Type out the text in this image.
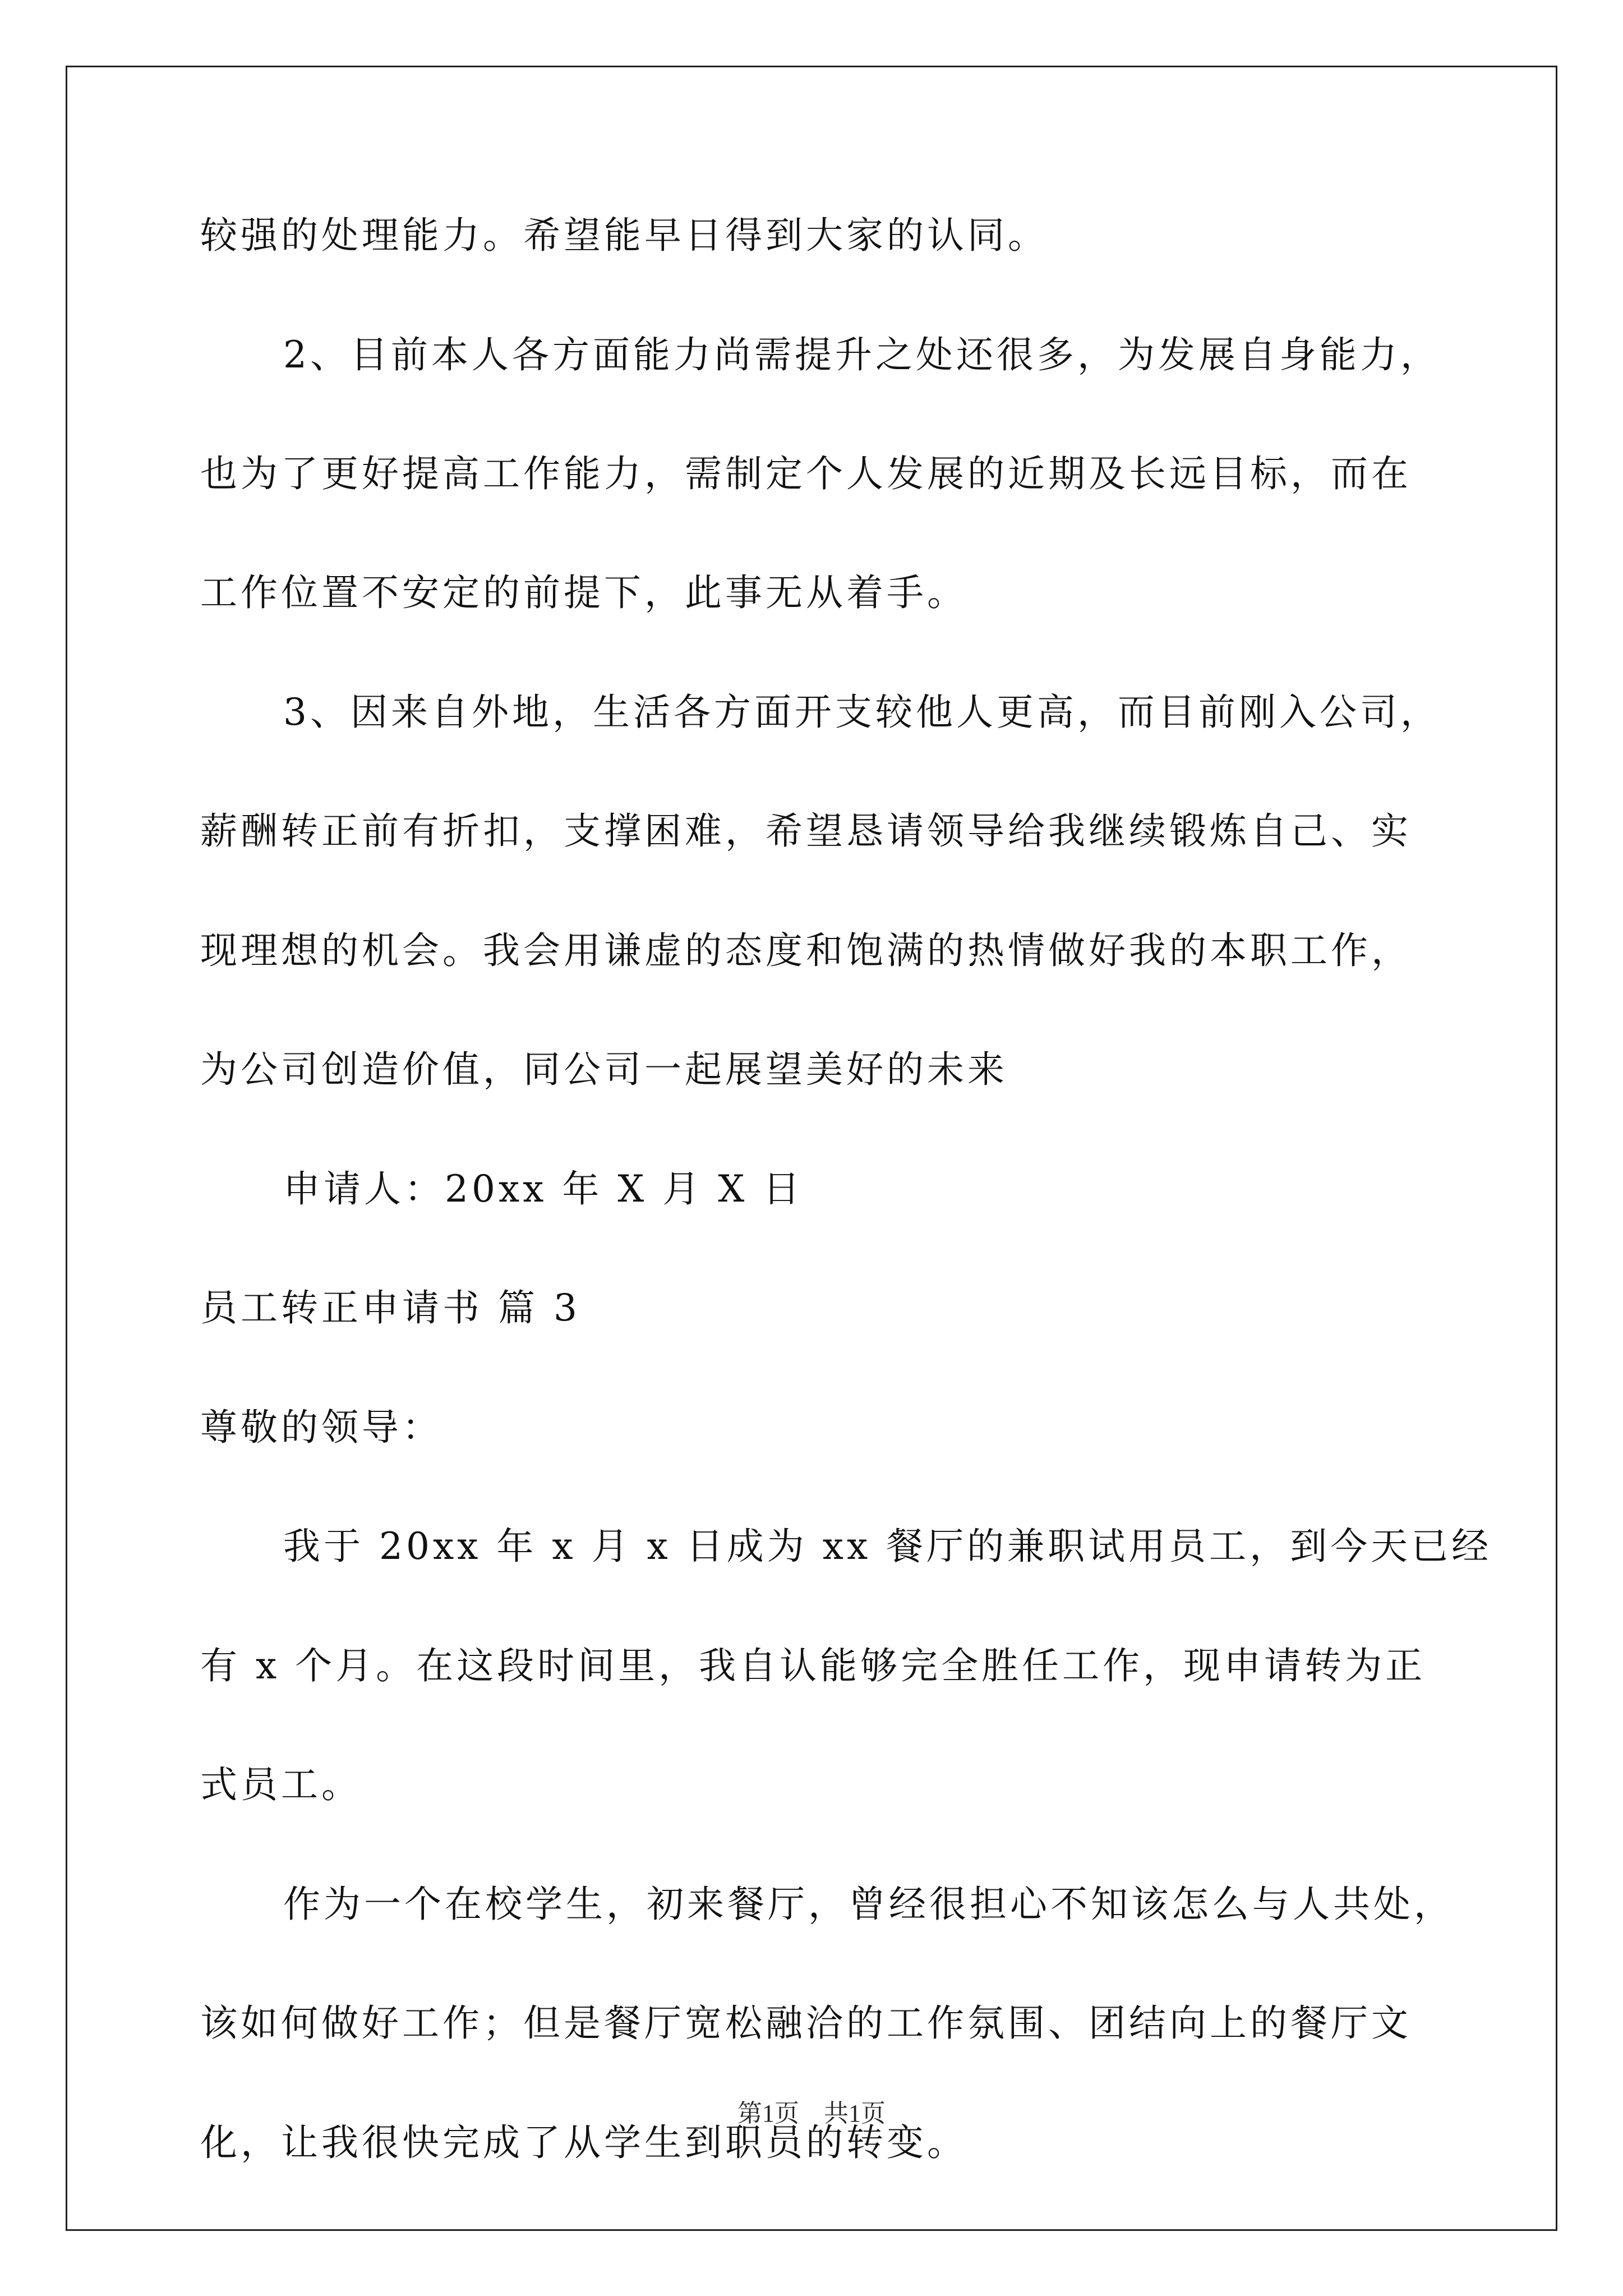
较强的处理能力。希望能早日得到大家的认同。
2、目前本人各方面能力尚需提升之处还很多，为发展自身能力，
也为了更好提高工作能力，需制定个人发展的近期及长远目标，而在
工作位置不安定的前提下，此事无从着手。
3、因来自外地，生活各方面开支较他人更高，而目前刚入公司，
薪酬转正前有折扣，支撑困难，希望恳请领导给我继续锻炼自己、实
现理想的机会。我会用谦虚的态度和饱满的热情做好我的本职工作，
为公司创造价值，同公司一起展望美好的未来
申请人：20xx 年 X 月 X 日
员工转正申请书 篇 3
尊敬的领导：
我于 20xx 年 x 月 x 日成为 xx 餐厅的兼职试用员工，到今天已经
有 x 个月。在这段时间里，我自认能够完全胜任工作，现申请转为正
式员工。
作为一个在校学生，初来餐厅，曾经很担心不知该怎么与人共处，
该如何做好工作；但是餐厅宽松融洽的工作氛围、团结向上的餐厅文
化，让我很快完成了从学生到职员的转变。
第1页　共1页
